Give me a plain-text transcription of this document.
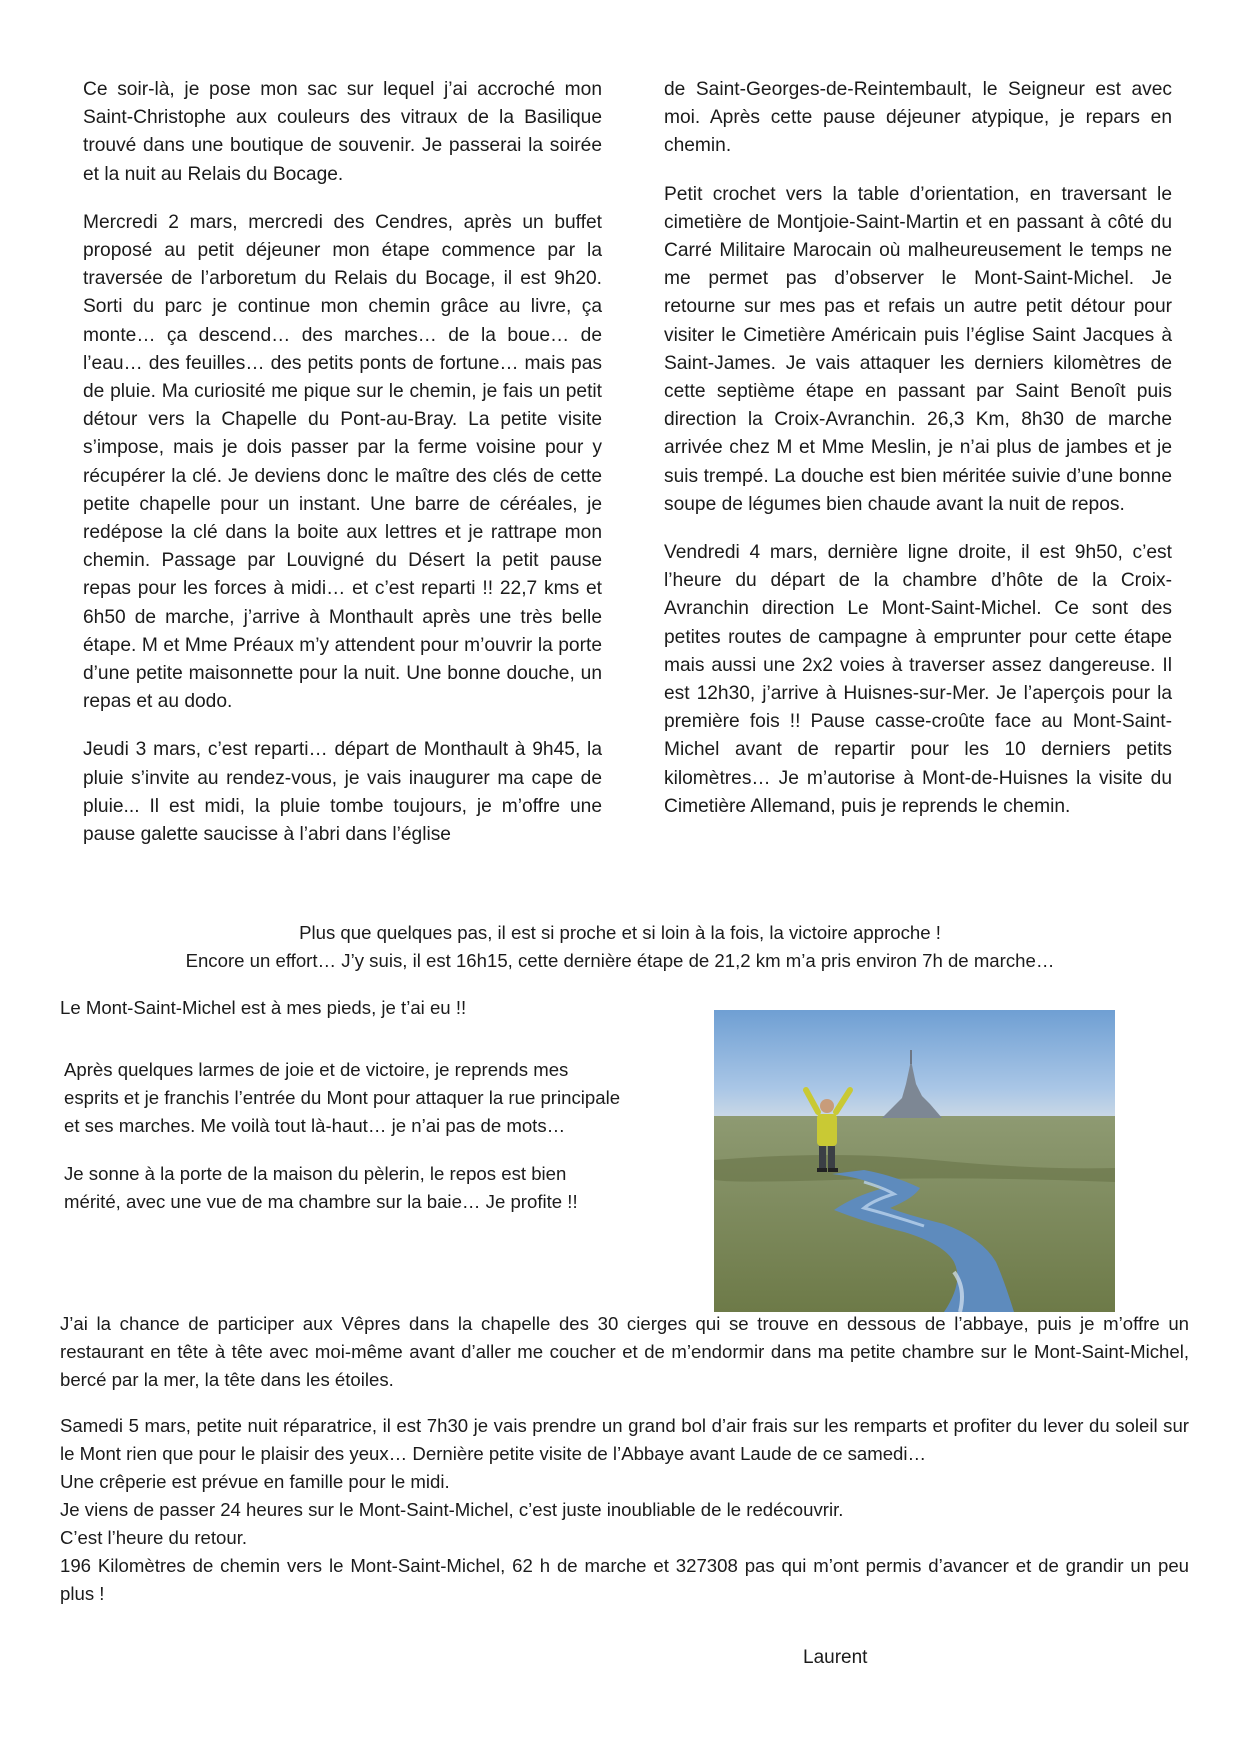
Ce soir-là, je pose mon sac sur lequel j’ai accroché mon Saint-Christophe aux couleurs des vitraux de la Basilique trouvé dans une boutique de souvenir. Je passerai la soirée et la nuit au Relais du Bocage.

Mercredi 2 mars, mercredi des Cendres, après un buffet proposé au petit déjeuner mon étape commence par la traversée de l’arboretum du Relais du Bocage, il est 9h20. Sorti du parc je continue mon chemin grâce au livre, ça monte… ça descend… des marches… de la boue… de l’eau… des feuilles… des petits ponts de fortune… mais pas de pluie. Ma curiosité me pique sur le chemin, je fais un petit détour vers la Chapelle du Pont-au-Bray. La petite visite s’impose, mais je dois passer par la ferme voisine pour y récupérer la clé. Je deviens donc le maître des clés de cette petite chapelle pour un instant. Une barre de céréales, je redépose la clé dans la boite aux lettres et je rattrape mon chemin. Passage par Louvigné du Désert la petit pause repas pour les forces à midi… et c’est reparti !! 22,7 kms et 6h50 de marche, j’arrive à Monthault après une très belle étape. M et Mme Préaux m’y attendent pour m’ouvrir la porte d’une petite maisonnette pour la nuit. Une bonne douche, un repas et au dodo.

Jeudi 3 mars, c’est reparti… départ de Monthault à 9h45, la pluie s’invite au rendez-vous, je vais inaugurer ma cape de pluie... Il est midi, la pluie tombe toujours, je m’offre une pause galette saucisse à l’abri dans l’église

de Saint-Georges-de-Reintembault, le Seigneur est avec moi. Après cette pause déjeuner atypique, je repars en chemin.

Petit crochet vers la table d’orientation, en traversant le cimetière de Montjoie-Saint-Martin et en passant à côté du Carré Militaire Marocain où malheureusement le temps ne me permet pas d’observer le Mont-Saint-Michel. Je retourne sur mes pas et refais un autre petit détour pour visiter le Cimetière Américain puis l’église Saint Jacques à Saint-James. Je vais attaquer les derniers kilomètres de cette septième étape en passant par Saint Benoît puis direction la Croix-Avranchin. 26,3 Km, 8h30 de marche arrivée chez M et Mme Meslin, je n’ai plus de jambes et je suis trempé. La douche est bien méritée suivie d’une bonne soupe de légumes bien chaude avant la nuit de repos.

Vendredi 4 mars, dernière ligne droite, il est 9h50, c’est l’heure du départ de la chambre d’hôte de la Croix-Avranchin direction Le Mont-Saint-Michel. Ce sont des petites routes de campagne à emprunter pour cette étape mais aussi une 2x2 voies à traverser assez dangereuse. Il est 12h30, j’arrive à Huisnes-sur-Mer. Je l’aperçois pour la première fois !! Pause casse-croûte face au Mont-Saint-Michel avant de repartir pour les 10 derniers petits kilomètres… Je m’autorise à Mont-de-Huisnes la visite du Cimetière Allemand, puis je reprends le chemin.

Plus que quelques pas, il est si proche et si loin à la fois, la victoire approche !

Encore un effort… J’y suis, il est 16h15, cette dernière étape de 21,2 km m’a pris environ 7h de marche…

Le Mont-Saint-Michel est à mes pieds, je t’ai eu !!

Après quelques larmes de joie et de victoire, je reprends mes esprits et je franchis l’entrée du Mont pour attaquer la rue principale et ses marches. Me voilà tout là-haut… je n’ai pas de mots…

Je sonne à la porte de la maison du pèlerin, le repos est bien mérité, avec une vue de ma chambre sur la baie… Je profite !!

J’ai la chance de participer aux Vêpres dans la chapelle des 30 cierges qui se trouve en dessous de l’abbaye, puis je m’offre un restaurant en tête à tête avec moi-même avant d’aller me coucher et de m’endormir dans ma petite chambre sur le Mont-Saint-Michel, bercé par la mer, la tête dans les étoiles.

Samedi 5 mars, petite nuit réparatrice, il est 7h30 je vais prendre un grand bol d’air frais sur les remparts et profiter du lever du soleil sur le Mont rien que pour le plaisir des yeux… Dernière petite visite de l’Abbaye avant Laude de ce samedi…

Une crêperie est prévue en famille pour le midi.

Je viens de passer 24 heures sur le Mont-Saint-Michel, c’est juste inoubliable de le redécouvrir.

C’est l’heure du retour.

196 Kilomètres de chemin vers le Mont-Saint-Michel, 62 h de marche et 327308 pas qui m’ont permis d’avancer et de grandir un peu plus !

Laurent
